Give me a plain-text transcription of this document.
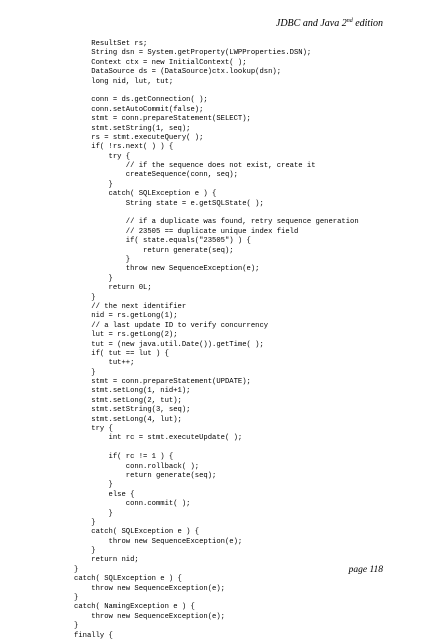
JDBC and Java 2nd edition
ResultSet rs;
String dsn = System.getProperty(LWPProperties.DSN);
Context ctx = new InitialContext( );
DataSource ds = (DataSource)ctx.lookup(dsn);
long nid, lut, tut;
conn = ds.getConnection( );
conn.setAutoCommit(false);
stmt = conn.prepareStatement(SELECT);
stmt.setString(1, seq);
rs = stmt.executeQuery( );
if( !rs.next( ) ) {
try {
// if the sequence does not exist, create it
createSequence(conn, seq);
}
catch( SQLException e ) {
String state = e.getSQLState( );
// if a duplicate was found, retry sequence generation
// 23505 == duplicate unique index field
if( state.equals("23505") ) {
return generate(seq);
}
throw new SequenceException(e);
}
return 0L;
}
// the next identifier
nid = rs.getLong(1);
// a last update ID to verify concurrency
lut = rs.getLong(2);
tut = (new java.util.Date()).getTime( );
if( tut == lut ) {
tut++;
}
stmt = conn.prepareStatement(UPDATE);
stmt.setLong(1, nid+1);
stmt.setLong(2, tut);
stmt.setString(3, seq);
stmt.setLong(4, lut);
try {
int rc = stmt.executeUpdate( );
if( rc != 1 ) {
conn.rollback( );
return generate(seq);
}
else {
conn.commit( );
}
}
catch( SQLException e ) {
throw new SequenceException(e);
}
return nid;
}
catch( SQLException e ) {
throw new SequenceException(e);
}
catch( NamingException e ) {
throw new SequenceException(e);
}
finally {
page 118
